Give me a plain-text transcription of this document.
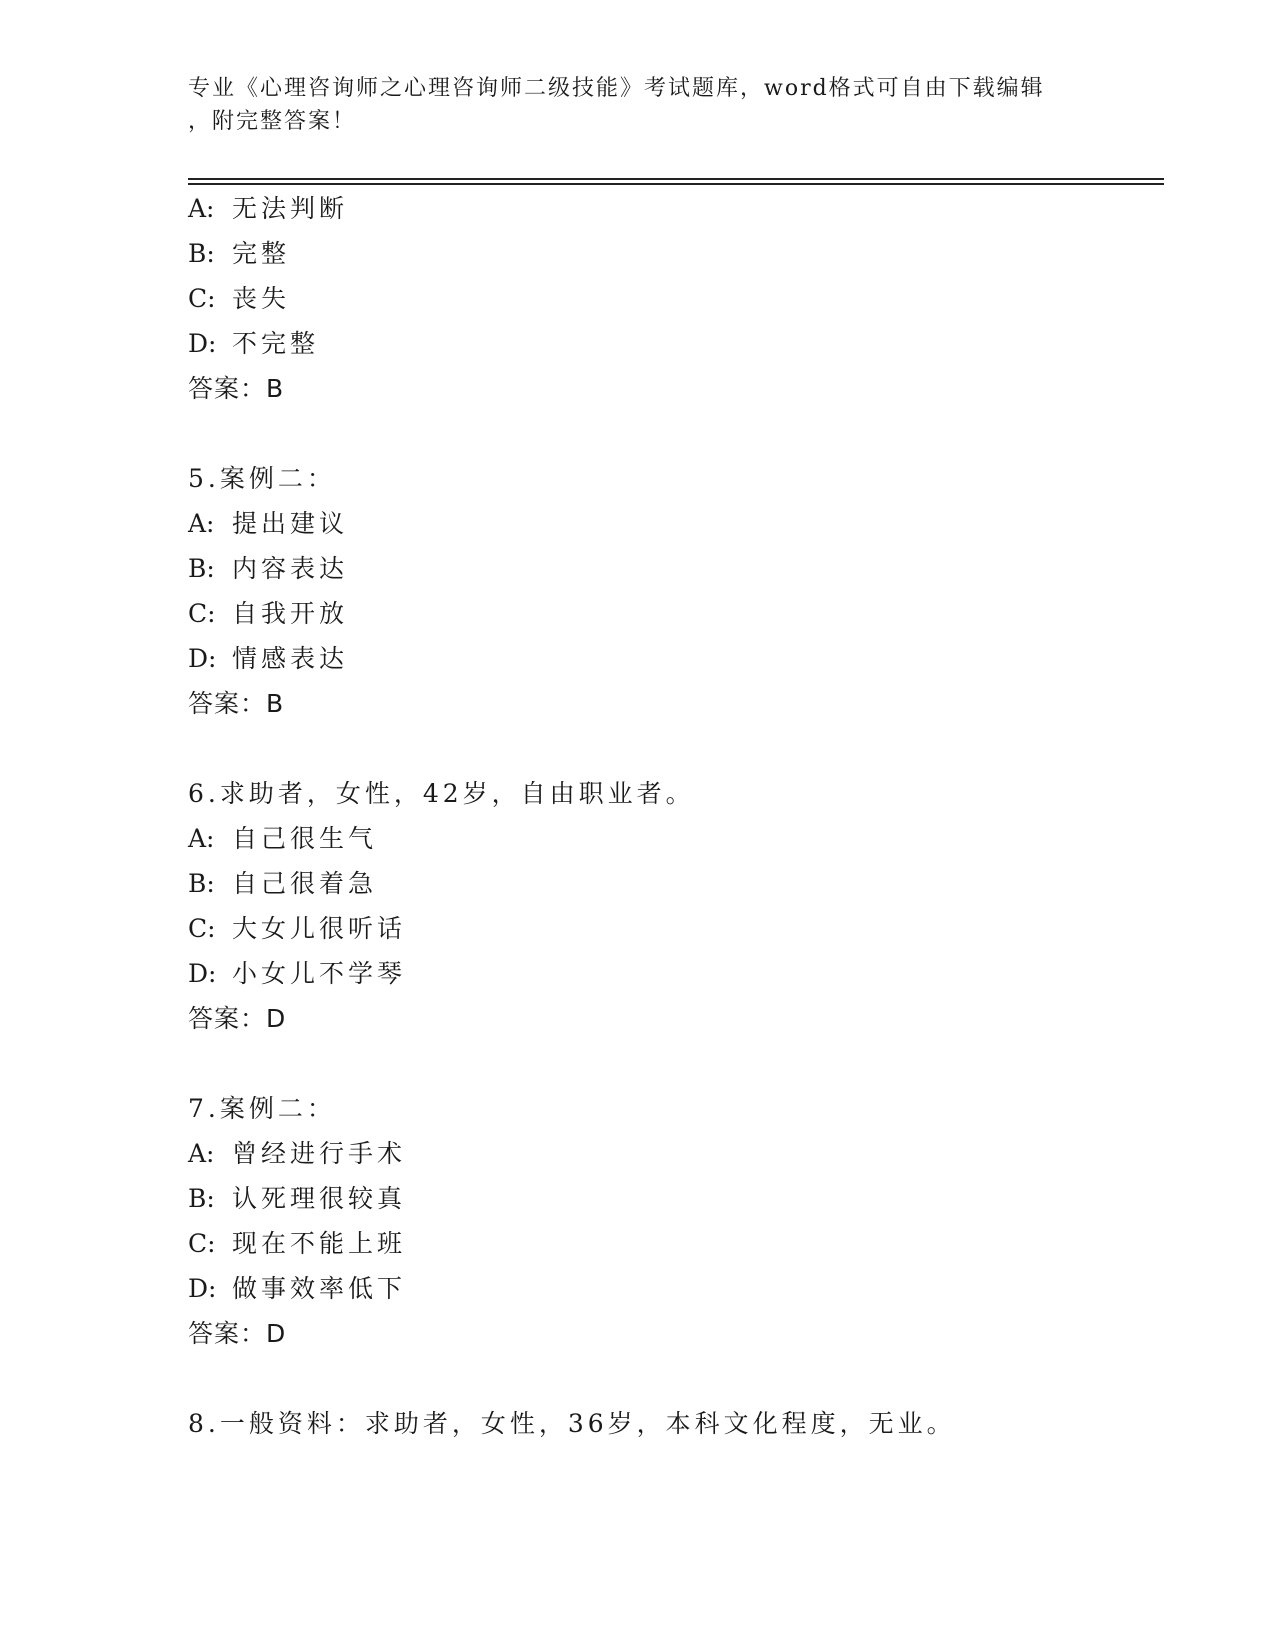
专业《心理咨询师之心理咨询师二级技能》考试题库，word格式可自由下载编辑
，附完整答案！
A: 无法判断
B: 完整
C: 丧失
D: 不完整
答案：B
5.案例二：
A: 提出建议
B: 内容表达
C: 自我开放
D: 情感表达
答案：B
6.求助者，女性，42岁，自由职业者。
A: 自己很生气
B: 自己很着急
C: 大女儿很听话
D: 小女儿不学琴
答案：D
7.案例二：
A: 曾经进行手术
B: 认死理很较真
C: 现在不能上班
D: 做事效率低下
答案：D
8.一般资料：求助者，女性，36岁，本科文化程度，无业。
